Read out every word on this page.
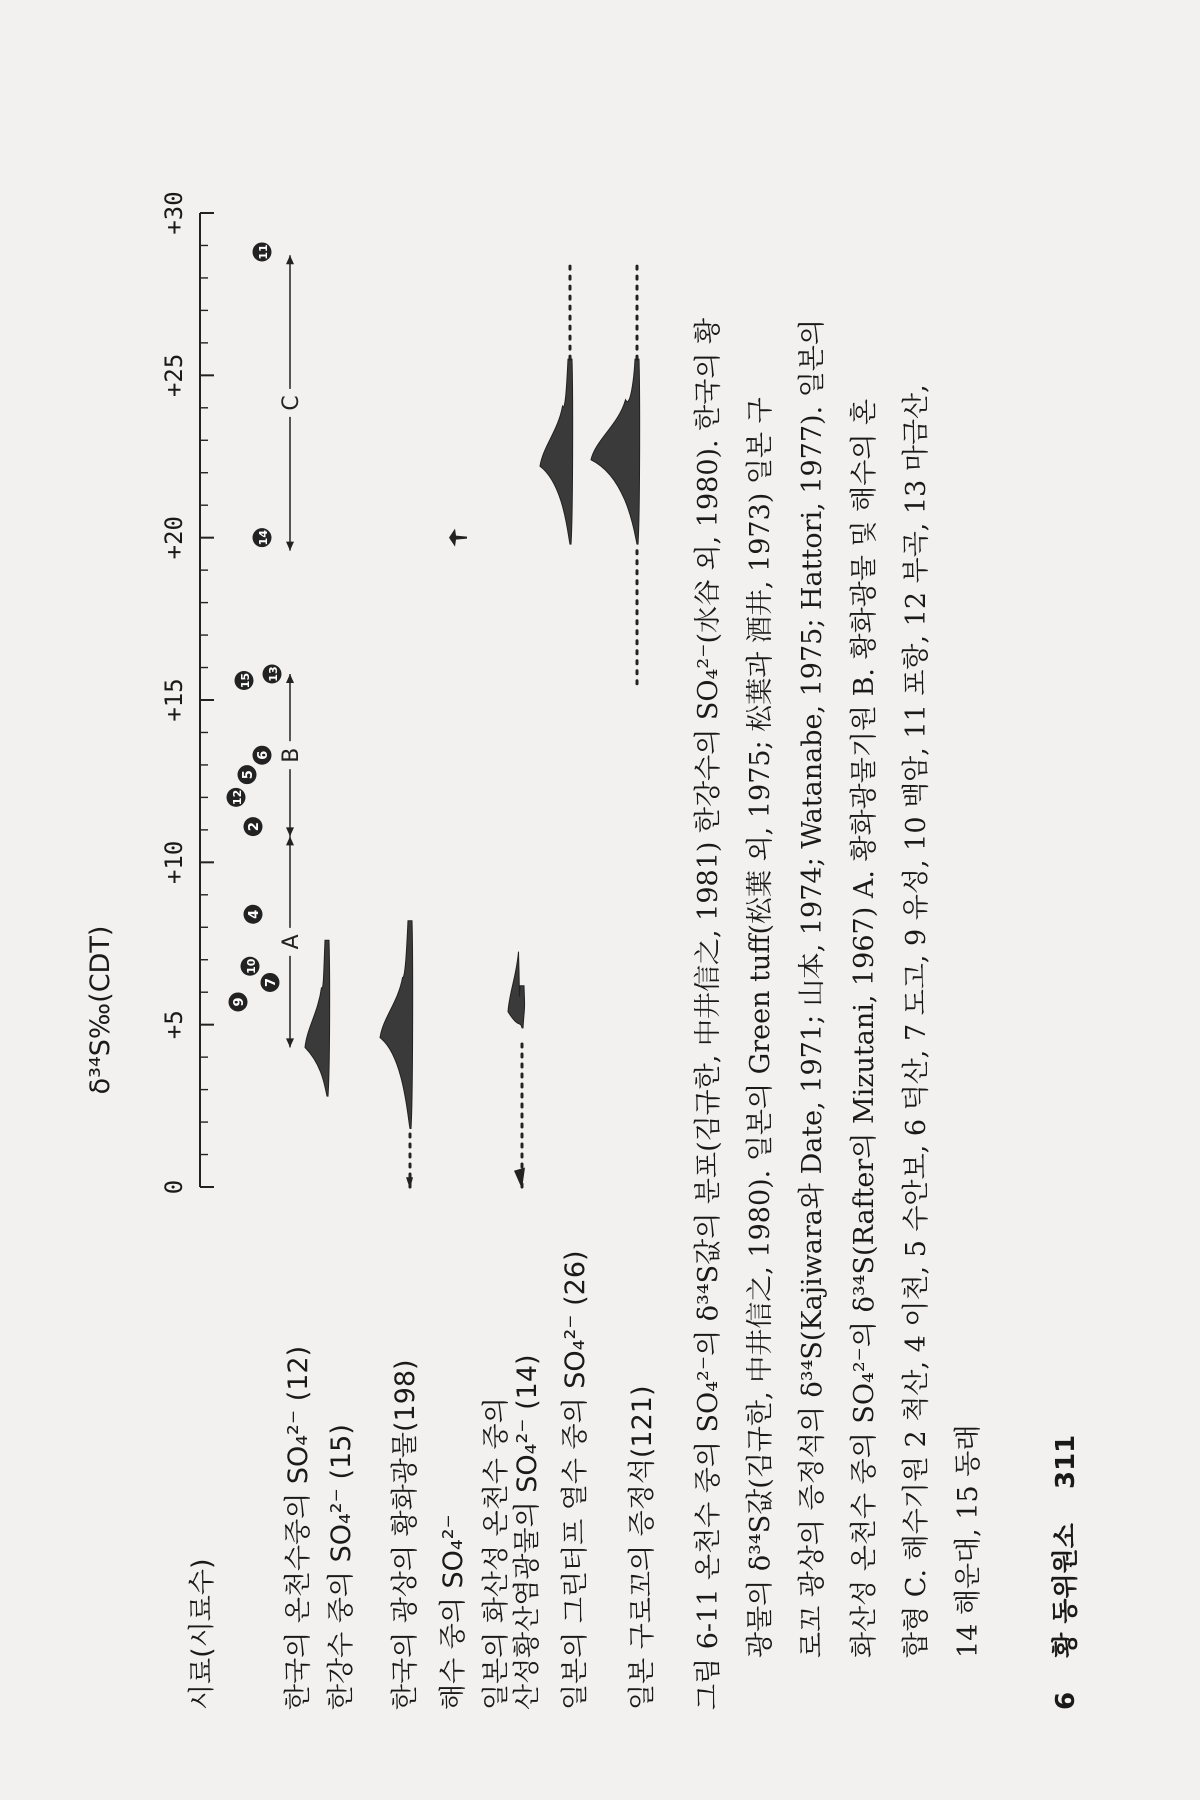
δ³⁴S‰(CDT)
0
+5
+10
+15
+20
+25
+30
9
7
10
4
2
12
5
6
15 13
14
11
A
B
C
시료(시료수) 한국의 온천수중의 SO₄²⁻ (12) 한강수 중의 SO₄²⁻ (15) 한국의 광상의 황화광물(198) 해수 중의 SO₄²⁻ 일본의 화산성 온천수 중의 산성황산염광물의 SO₄²⁻ (14) 일본의 그린터프 열수 중의 SO₄²⁻ (26) 일본 구로꼬의 증정석(121)	그림 6-11 온천수 중의 SO₄²⁻의 δ³⁴S값의 분포(김규한, 中井信之, 1981) 한강수의 SO₄²⁻(水谷 외, 1980). 한국의 황 광물의 δ³⁴S값(김규한, 中井信之, 1980). 일본의 Green tuff(松葉 외, 1975; 松葉과 酒井, 1973) 일본 구 로꼬 광상의 증정석의 δ³⁴S(Kajiwara와 Date, 1971; 山本, 1974; Watanabe, 1975; Hattori, 1977). 일본의 화산성 온천수 중의 SO₄²⁻의 δ³⁴S(Rafter의 Mizutani, 1967) A. 황화광물기원 B. 황화광물 및 해수의 혼 합형 C. 해수기원 2 척산, 4 이천, 5 수안보, 6 덕산, 7 도고, 9 유성, 10 백암, 11 포항, 12 부곡, 13 마금산, 14 해운대, 15 동래
6  황 동위원소  311
